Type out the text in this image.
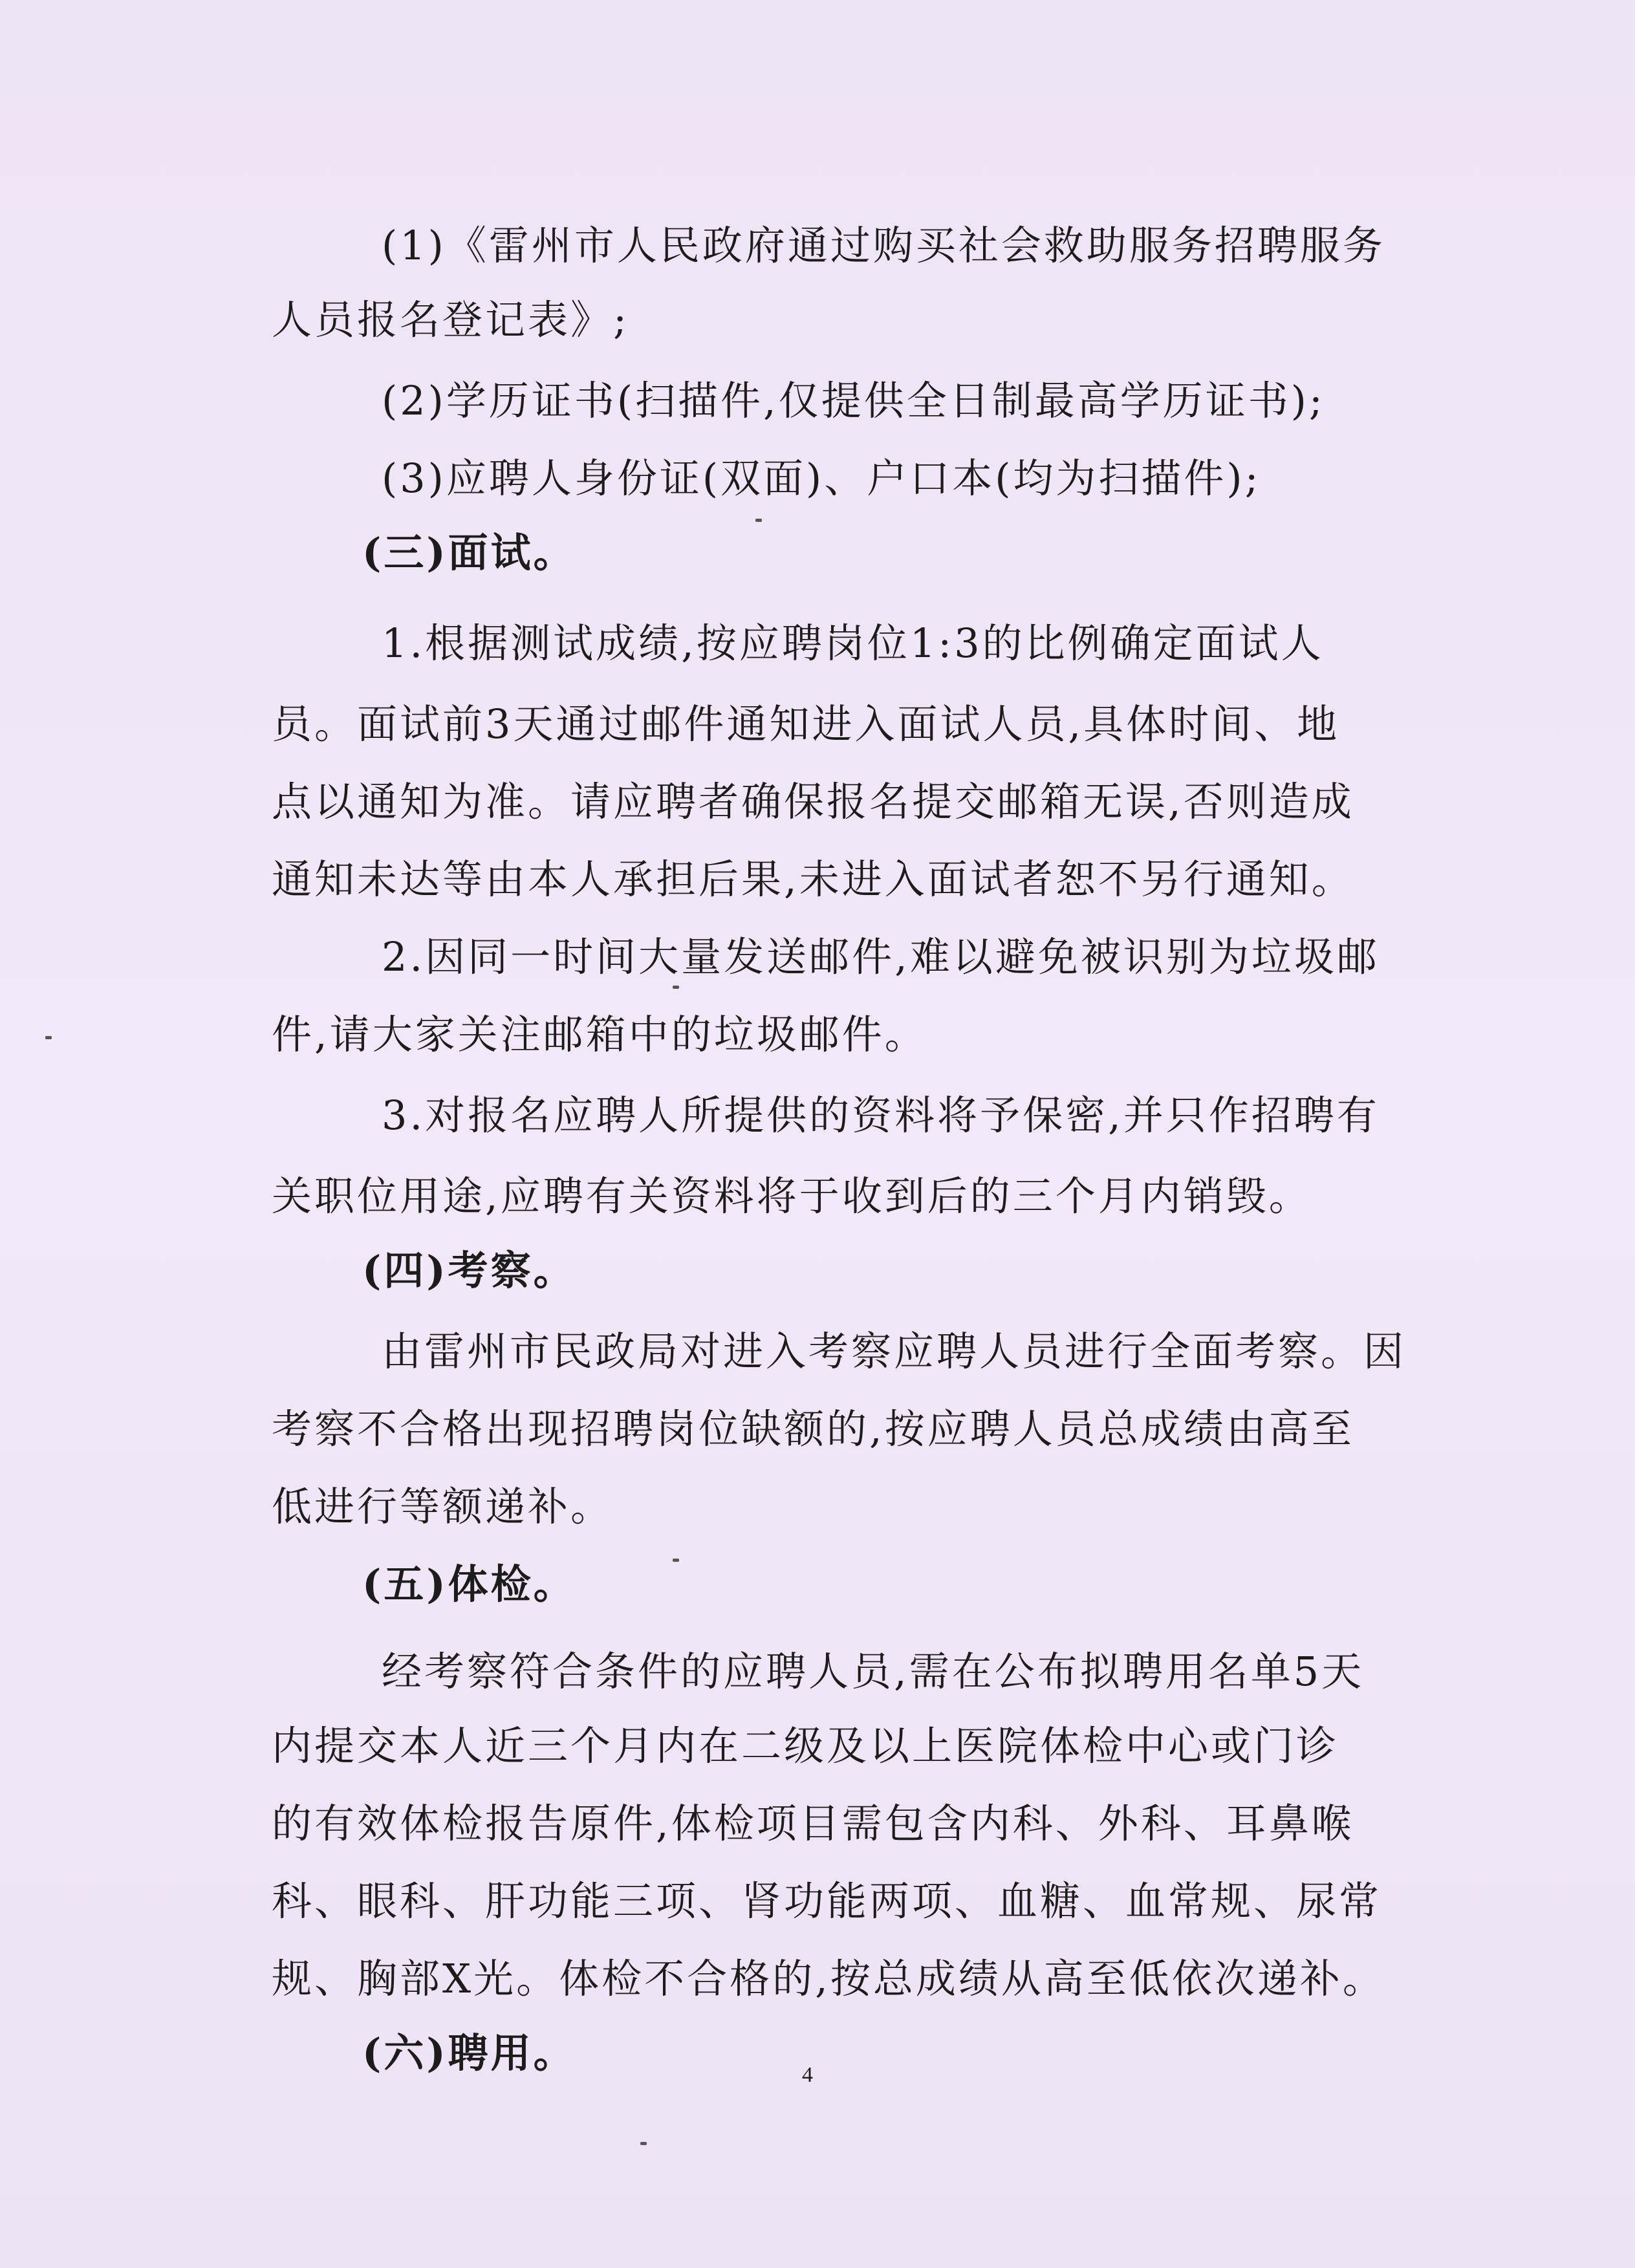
(1)《雷州市人民政府通过购买社会救助服务招聘服务
人员报名登记表》;
(2)学历证书(扫描件,仅提供全日制最高学历证书);
(3)应聘人身份证(双面)、户口本(均为扫描件);
(三)面试。
1.根据测试成绩,按应聘岗位1:3的比例确定面试人
员。面试前3天通过邮件通知进入面试人员,具体时间、地
点以通知为准。请应聘者确保报名提交邮箱无误,否则造成
通知未达等由本人承担后果,未进入面试者恕不另行通知。
2.因同一时间大量发送邮件,难以避免被识别为垃圾邮
件,请大家关注邮箱中的垃圾邮件。
3.对报名应聘人所提供的资料将予保密,并只作招聘有
关职位用途,应聘有关资料将于收到后的三个月内销毁。
(四)考察。
由雷州市民政局对进入考察应聘人员进行全面考察。因
考察不合格出现招聘岗位缺额的,按应聘人员总成绩由高至
低进行等额递补。
(五)体检。
经考察符合条件的应聘人员,需在公布拟聘用名单5天
内提交本人近三个月内在二级及以上医院体检中心或门诊
的有效体检报告原件,体检项目需包含内科、外科、耳鼻喉
科、眼科、肝功能三项、肾功能两项、血糖、血常规、尿常
规、胸部X光。体检不合格的,按总成绩从高至低依次递补。
(六)聘用。	4
